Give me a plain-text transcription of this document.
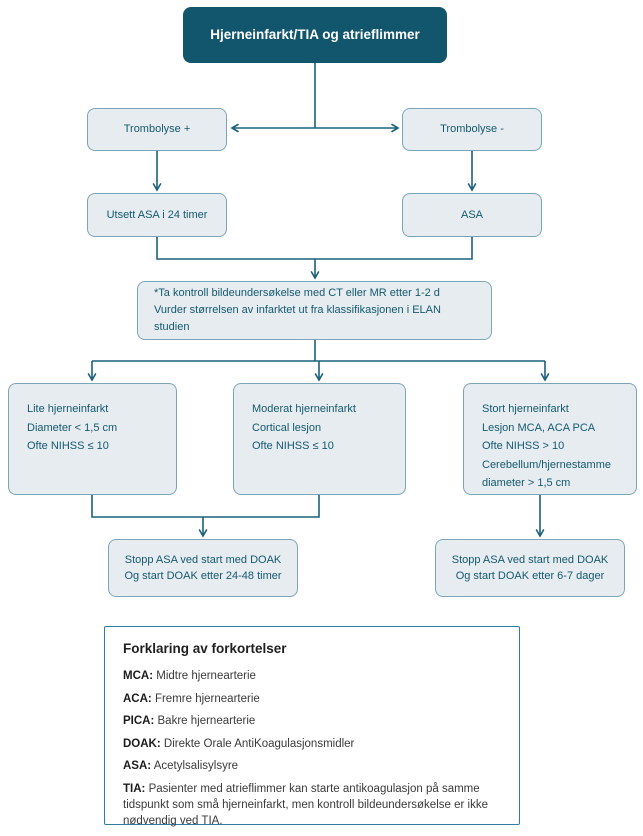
Hjerneinfarkt/TIA og atrieflimmer
Trombolyse +	Trombolyse -
Utsett ASA i 24 timer	ASA
*Ta kontroll bildeundersøkelse med CT eller MR etter 1-2 d
Vurder størrelsen av infarktet ut fra klassifikasjonen i ELAN studien
Lite hjerneinfarkt
Diameter < 1,5 cm
Ofte NIHSS ≤ 10
Moderat hjerneinfarkt
Cortical lesjon
Ofte NIHSS ≤ 10
Stort hjerneinfarkt
Lesjon MCA, ACA PCA
Ofte NIHSS > 10
Cerebellum/hjernestamme
diameter > 1,5 cm
Stopp ASA ved start med DOAK
Og start DOAK etter 24-48 timer
Stopp ASA ved start med DOAK
Og start DOAK etter 6-7 dager
Forklaring av forkortelser
MCA: Midtre hjernearterie
ACA: Fremre hjernearterie
PICA: Bakre hjernearterie
DOAK: Direkte Orale AntiKoagulasjonsmidler
ASA: Acetylsalisylsyre
TIA: Pasienter med atrieflimmer kan starte antikoagulasjon på samme tidspunkt som små hjerneinfarkt, men kontroll bildeundersøkelse er ikke nødvendig ved TIA.
